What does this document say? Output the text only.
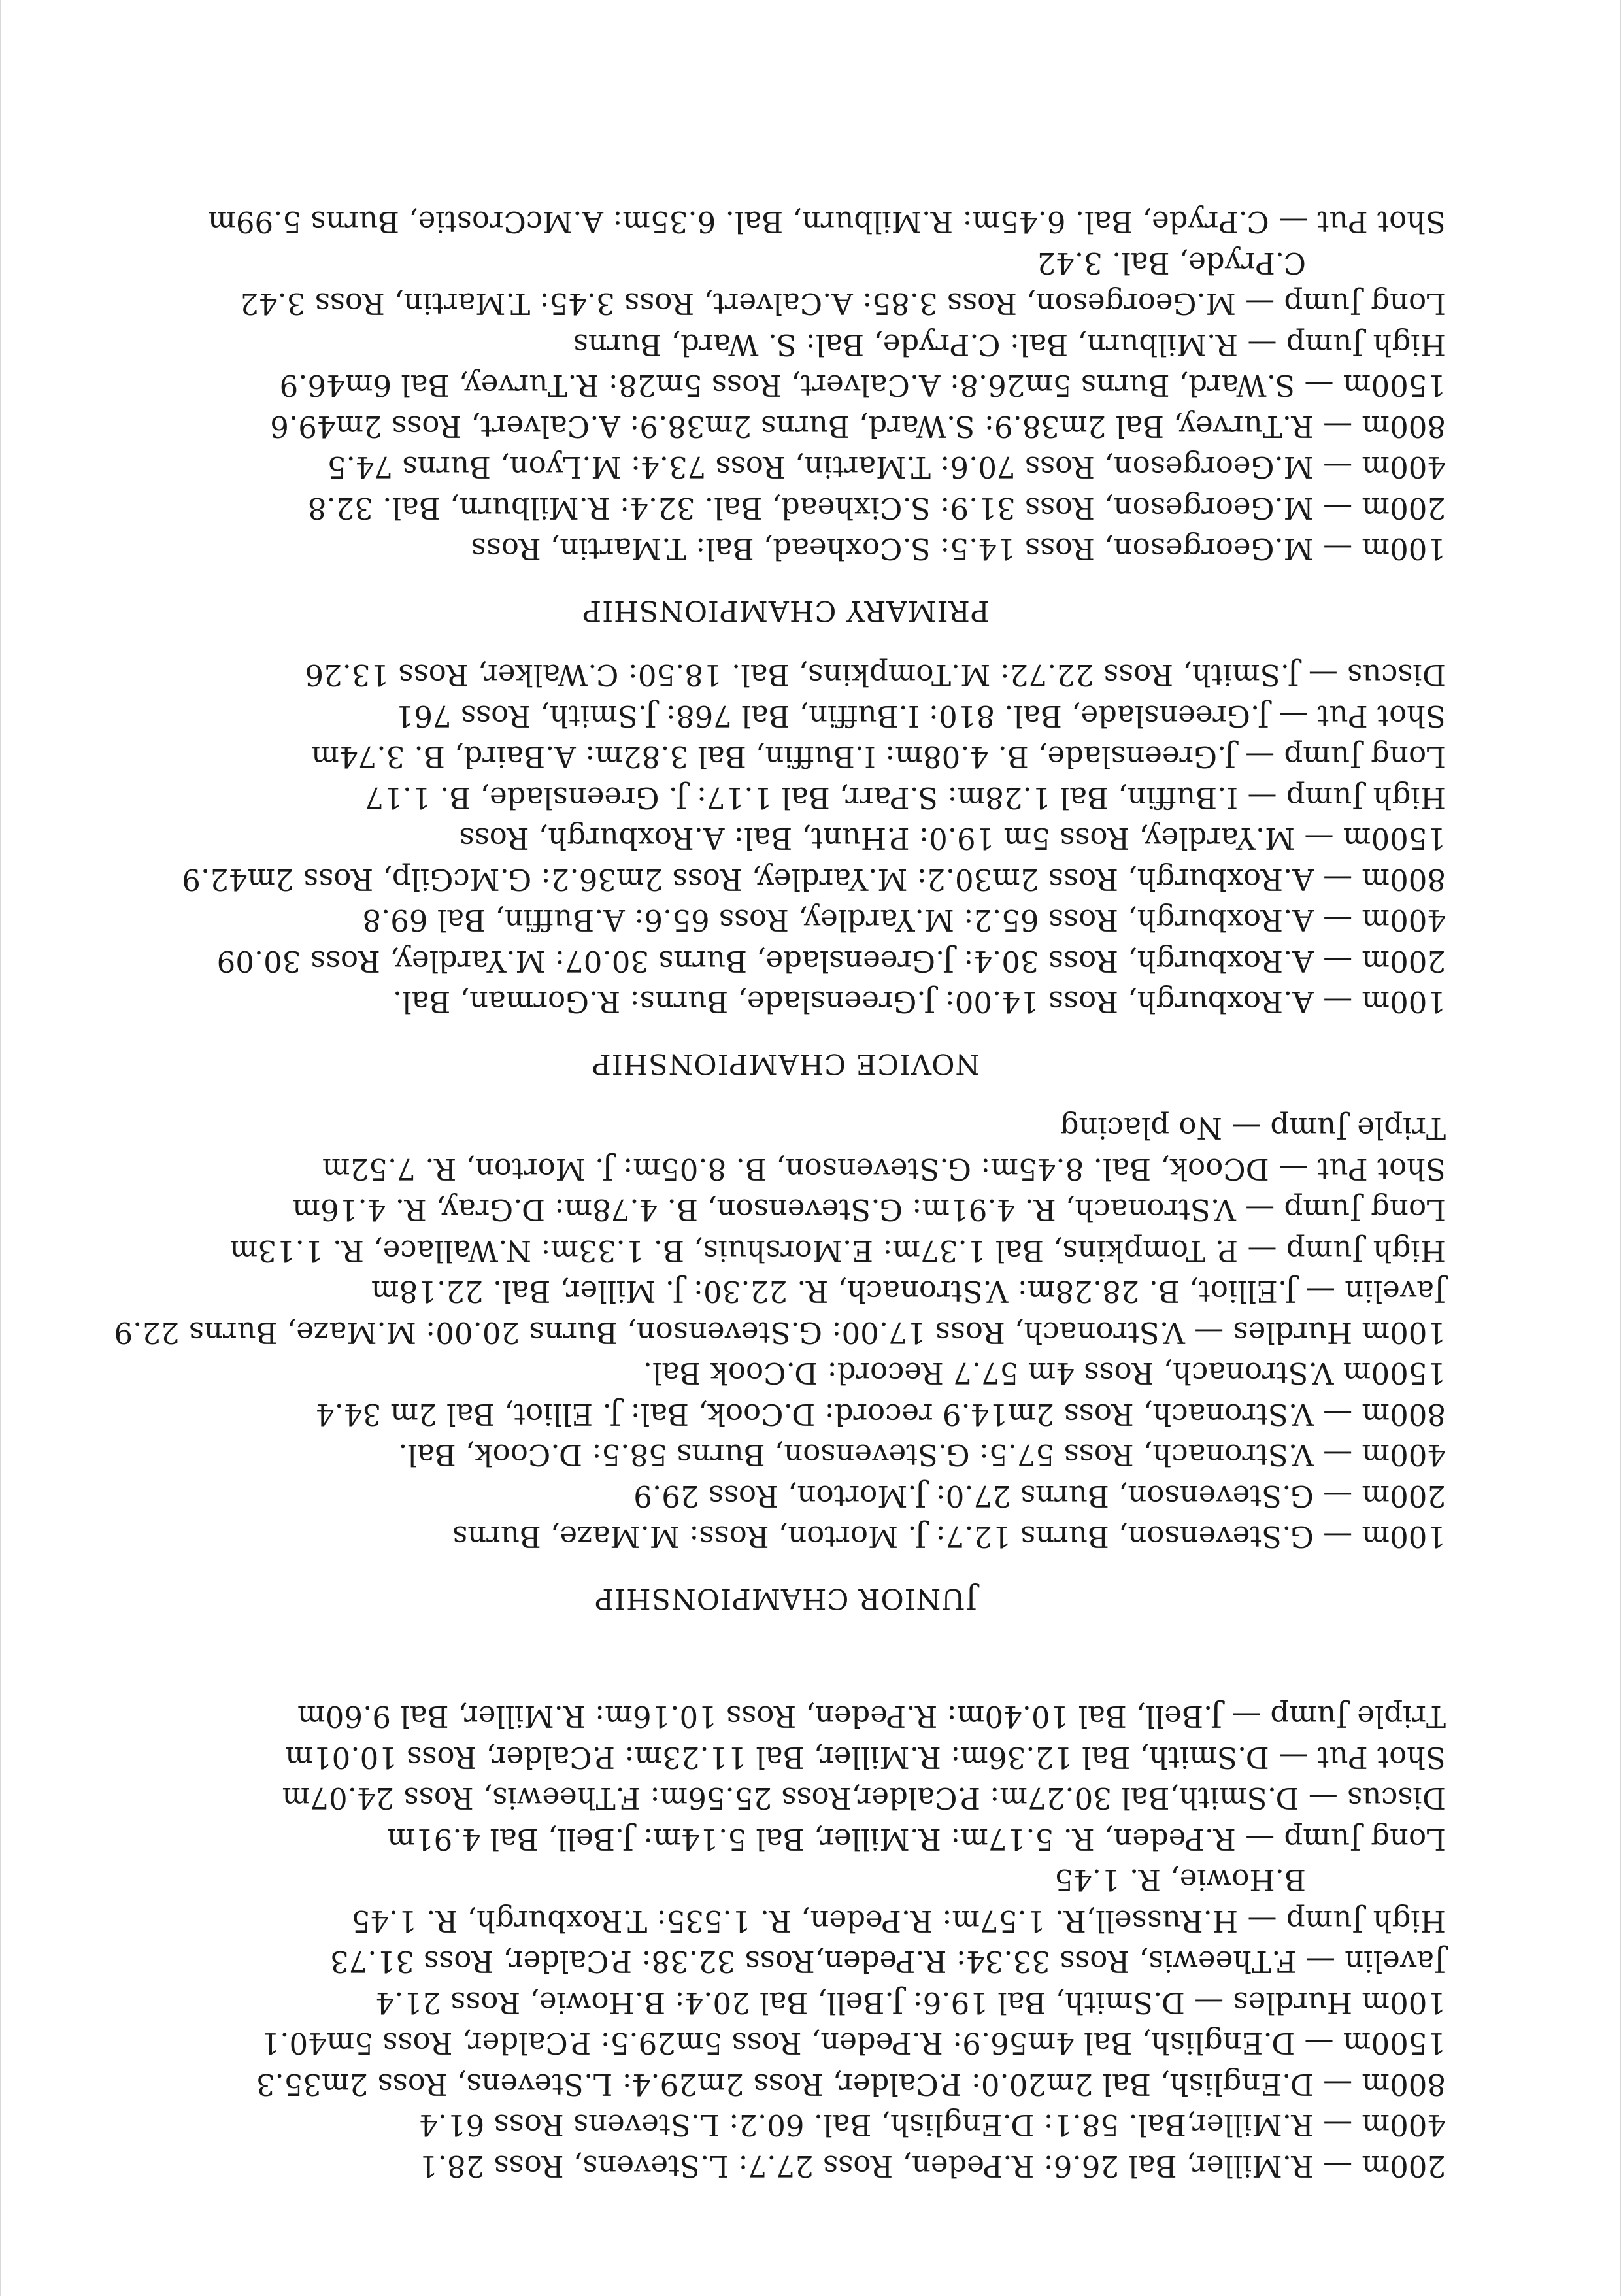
200m — R.Miller, Bal 26.6: R.Peden, Ross 27.7: L.Stevens, Ross 28.1
400m — R.Miller,Bal. 58.1: D.English, Bal. 60.2: L.Stevens Ross 61.4
800m — D.English, Bal 2m20.0: P.Calder, Ross 2m29.4: L.Stevens, Ross 2m35.3
1500m — D.English, Bal 4m56.9: R.Peden, Ross 5m29.5: P.Calder, Ross 5m40.1
100m Hurdles — D.Smith, Bal 19.6: J.Bell, Bal 20.4: B.Howie, Ross 21.4
Javelin — F.Theewis, Ross 33.34: R.Peden,Ross 32.38: P.Calder, Ross 31.73
High Jump — H.Russell,R. 1.57m: R.Peden, R. 1.535: T.Roxburgh, R. 1.45
B.Howie, R. 1.45
Long Jump — R.Peden, R. 5.17m: R.Miller, Bal 5.14m: J.Bell, Bal 4.91m
Discus — D.Smith,Bal 30.27m: P.Calder,Ross 25.56m: F.Theewis, Ross 24.07m
Shot Put — D.Smith, Bal 12.36m: R.Miller, Bal 11.23m: P.Calder, Ross 10.01m
Triple Jump — J.Bell, Bal 10.40m: R.Peden, Ross 10.16m: R.Miller, Bal 9.60m
JUNIOR CHAMPIONSHIP
100m — G.Stevenson, Burns 12.7: J. Morton, Ross: M.Maze, Burns
200m — G.Stevenson, Burns 27.0: J.Morton, Ross 29.9
400m — V.Stronach, Ross 57.5: G.Stevenson, Burns 58.5: D.Cook, Bal.
800m — V.Stronach, Ross 2m14.9 record: D.Cook, Bal: J. Elliot, Bal 2m 34.4
1500m V.Stronach, Ross 4m 57.7 Record: D.Cook Bal.
100m Hurdles — V.Stronach, Ross 17.00: G.Stevenson, Burns 20.00: M.Maze, Burns 22.9
Javelin — J.Elliot, B. 28.28m: V.Stronach, R. 22.30: J. Miller, Bal. 22.18m
High Jump — P. Tompkins, Bal 1.37m: E.Morshuis, B. 1.33m: N.Wallace, R. 1.13m
Long Jump — V.Stronach, R. 4.91m: G.Stevenson, B. 4.78m: D.Gray, R. 4.16m
Shot Put — DCook, Bal. 8.45m: G.Stevenson, B. 8.05m: J. Morton, R. 7.52m
Triple Jump — No placing
NOVICE CHAMPIONSHIP
100m — A.Roxburgh, Ross 14.00: J.Greenslade, Burns: R.Gorman, Bal.
200m — A.Roxburgh, Ross 30.4: J.Greenslade, Burns 30.07: M.Yardley, Ross 30.09
400m — A.Roxburgh, Ross 65.2: M.Yardley, Ross 65.6: A.Buffin, Bal 69.8
800m — A.Roxburgh, Ross 2m30.2: M.Yardley, Ross 2m36.2: G.McGilp, Ross 2m42.9
1500m — M.Yardley, Ross 5m 19.0: P.Hunt, Bal: A.Roxburgh, Ross
High Jump — I.Buffin, Bal 1.28m: S.Parr, Bal 1.17: J. Greenslade, B. 1.17
Long Jump — J.Greenslade, B. 4.08m: I.Buffin, Bal 3.82m: A.Baird, B. 3.74m
Shot Put — J.Greenslade, Bal. 810: I.Buffin, Bal 768: J.Smith, Ross 761
Discus — J.Smith, Ross 22.72: M.Tompkins, Bal. 18.50: C.Walker, Ross 13.26
PRIMARY CHAMPIONSHIP
100m — M.Georgeson, Ross 14.5: S.Coxhead, Bal: T.Martin, Ross
200m — M.Georgeson, Ross 31.9: S.Cixhead, Bal. 32.4: R.Milburn, Bal. 32.8
400m — M.Georgeson, Ross 70.6: T.Martin, Ross 73.4: M.Lyon, Burns 74.5
800m — R.Turvey, Bal 2m38.9: S.Ward, Burns 2m38.9: A.Calvert, Ross 2m49.6
1500m — S.Ward, Burns 5m26.8: A.Calvert, Ross 5m28: R.Turvey, Bal 6m46.9
High Jump — R.Milburn, Bal: C.Pryde, Bal: S. Ward, Burns
Long Jump — M.Georgeson, Ross 3.85: A.Calvert, Ross 3.45: T.Martin, Ross 3.42
C.Pryde, Bal. 3.42
Shot Put — C.Pryde, Bal. 6.45m: R.Milburn, Bal. 6.35m: A.McCrostie, Burns 5.99m
